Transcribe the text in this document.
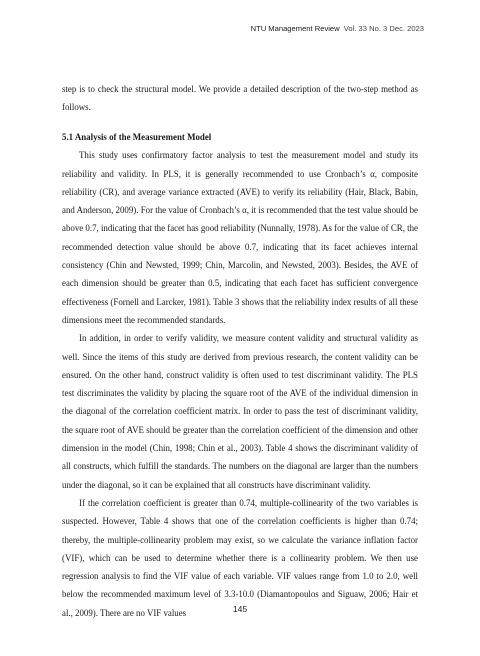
NTU Management Review Vol. 33 No. 3 Dec. 2023

step is to check the structural model. We provide a detailed description of the two-step method as follows.

5.1 Analysis of the Measurement Model

This study uses confirmatory factor analysis to test the measurement model and study its reliability and validity. In PLS, it is generally recommended to use Cronbach’s α, composite reliability (CR), and average variance extracted (AVE) to verify its reliability (Hair, Black, Babin, and Anderson, 2009). For the value of Cronbach’s α, it is recommended that the test value should be above 0.7, indicating that the facet has good reliability (Nunnally, 1978). As for the value of CR, the recommended detection value should be above 0.7, indicating that its facet achieves internal consistency (Chin and Newsted, 1999; Chin, Marcolin, and Newsted, 2003). Besides, the AVE of each dimension should be greater than 0.5, indicating that each facet has sufficient convergence effectiveness (Fornell and Larcker, 1981). Table 3 shows that the reliability index results of all these dimensions meet the recommended standards.

In addition, in order to verify validity, we measure content validity and structural validity as well. Since the items of this study are derived from previous research, the content validity can be ensured. On the other hand, construct validity is often used to test discriminant validity. The PLS test discriminates the validity by placing the square root of the AVE of the individual dimension in the diagonal of the correlation coefficient matrix. In order to pass the test of discriminant validity, the square root of AVE should be greater than the correlation coefficient of the dimension and other dimension in the model (Chin, 1998; Chin et al., 2003). Table 4 shows the discriminant validity of all constructs, which fulfill the standards. The numbers on the diagonal are larger than the numbers under the diagonal, so it can be explained that all constructs have discriminant validity.

If the correlation coefficient is greater than 0.74, multiple-collinearity of the two variables is suspected. However, Table 4 shows that one of the correlation coefficients is higher than 0.74; thereby, the multiple-collinearity problem may exist, so we calculate the variance inflation factor (VIF), which can be used to determine whether there is a collinearity problem. We then use regression analysis to find the VIF value of each variable. VIF values range from 1.0 to 2.0, well below the recommended maximum level of 3.3-10.0 (Diamantopoulos and Siguaw, 2006; Hair et al., 2009). There are no VIF values	145
